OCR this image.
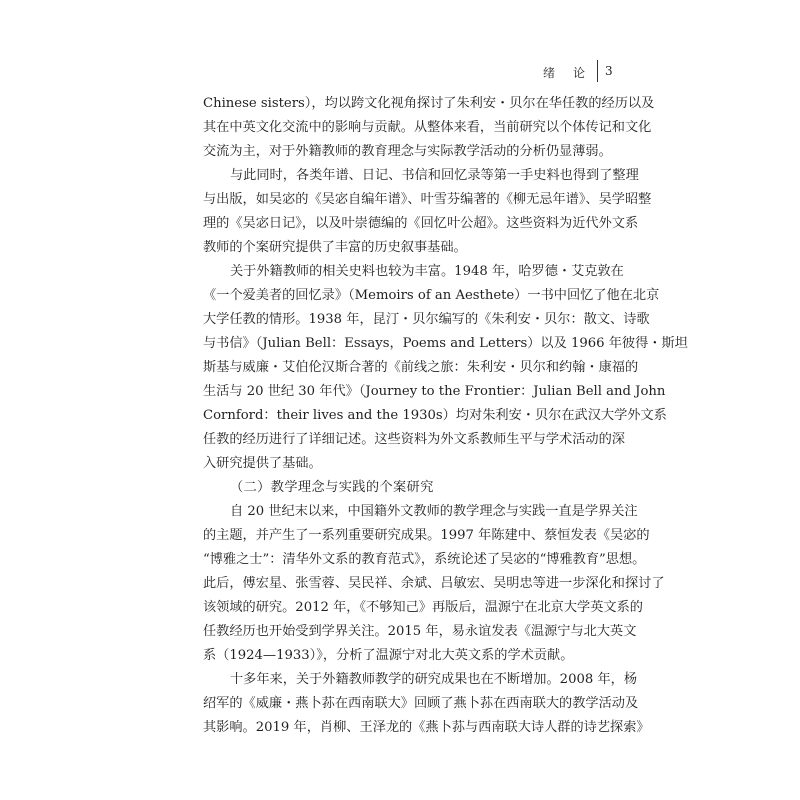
绪　论 3
Chinese sisters），均以跨文化视角探讨了朱利安・贝尔在华任教的经历以及
其在中英文化交流中的影响与贡献。从整体来看，当前研究以个体传记和文化
交流为主，对于外籍教师的教育理念与实际教学活动的分析仍显薄弱。
与此同时，各类年谱、日记、书信和回忆录等第一手史料也得到了整理
与出版，如吴宓的《吴宓自编年谱》、叶雪芬编著的《柳无忌年谱》、吴学昭整
理的《吴宓日记》，以及叶崇德编的《回忆叶公超》。这些资料为近代外文系
教师的个案研究提供了丰富的历史叙事基础。
关于外籍教师的相关史料也较为丰富。1948 年，哈罗德・艾克敦在
《一个爱美者的回忆录》（Memoirs of an Aesthete）一书中回忆了他在北京
大学任教的情形。1938 年，昆汀・贝尔编写的《朱利安・贝尔：散文、诗歌
与书信》（Julian Bell：Essays，Poems and Letters）以及 1966 年彼得・斯坦
斯基与威廉・艾伯伦汉斯合著的《前线之旅：朱利安・贝尔和约翰・康福的
生活与 20 世纪 30 年代》（Journey to the Frontier：Julian Bell and John
Cornford：their lives and the 1930s）均对朱利安・贝尔在武汉大学外文系
任教的经历进行了详细记述。这些资料为外文系教师生平与学术活动的深
入研究提供了基础。
（二）教学理念与实践的个案研究
自 20 世纪末以来，中国籍外文教师的教学理念与实践一直是学界关注
的主题，并产生了一系列重要研究成果。1997 年陈建中、蔡恒发表《吴宓的
“博雅之士”：清华外文系的教育范式》，系统论述了吴宓的“博雅教育”思想。
此后，傅宏星、张雪蓉、吴民祥、余斌、吕敏宏、吴明忠等进一步深化和探讨了
该领域的研究。2012 年，《不够知己》再版后，温源宁在北京大学英文系的
任教经历也开始受到学界关注。2015 年，易永谊发表《温源宁与北大英文
系（1924—1933）》，分析了温源宁对北大英文系的学术贡献。
十多年来，关于外籍教师教学的研究成果也在不断增加。2008 年，杨
绍军的《威廉・燕卜荪在西南联大》回顾了燕卜荪在西南联大的教学活动及
其影响。2019 年，肖柳、王泽龙的《燕卜荪与西南联大诗人群的诗艺探索》
